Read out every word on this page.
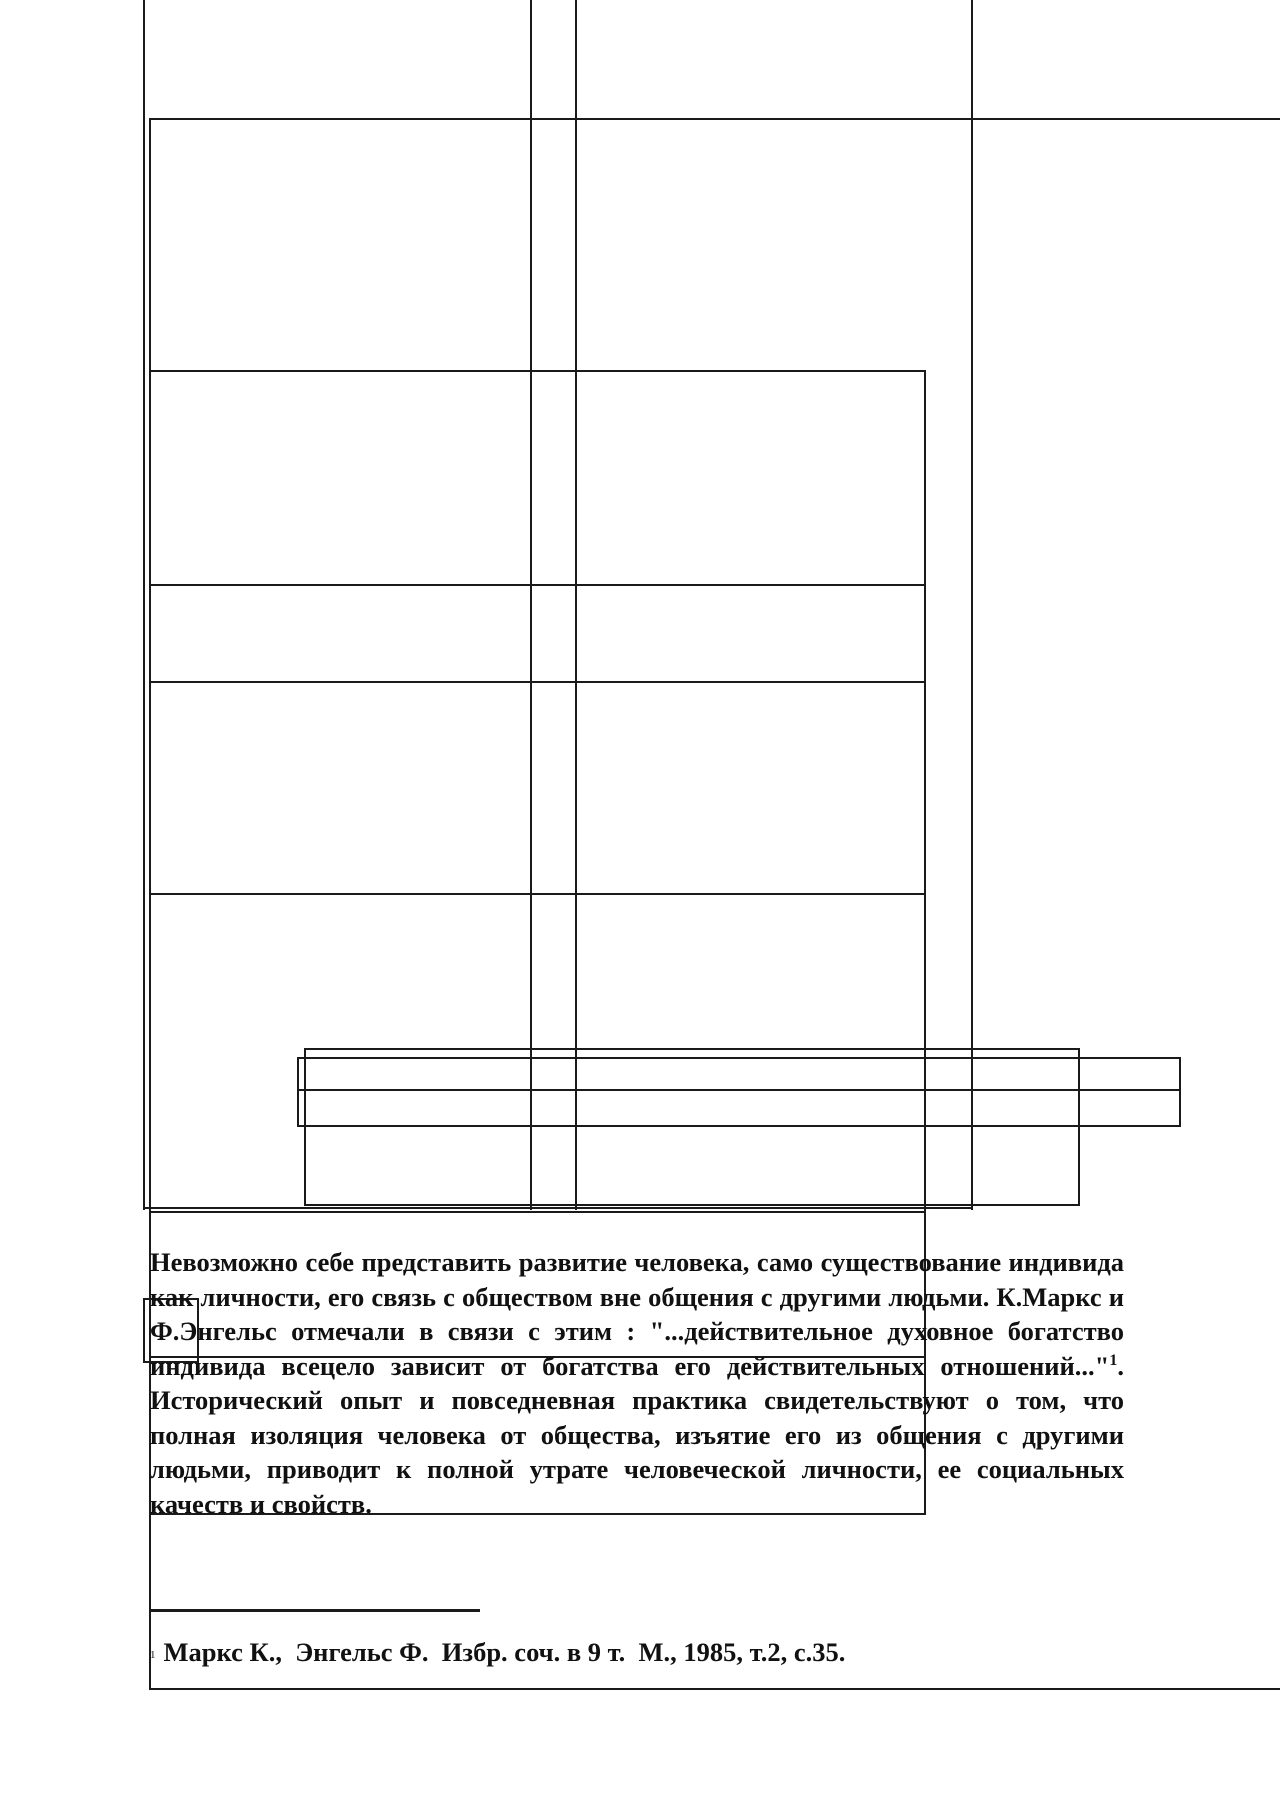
Невозможно себе представить развитие человека, само существование индивида как личности, его связь с обществом вне общения с другими людьми. К.Маркс и Ф.Энгельс отмечали в связи с этим : "...действительное духовное богатство индивида всецело зависит от богатства его действительных отношений..."$^1$. Исторический опыт и повседневная практика свидетельствуют о том, что полная изоляция человека от общества, изъятие его из общения с другими людьми, приводит к полной утрате человеческой личности, ее социальных качеств и свойств.

1 Маркс К.,  Энгельс Ф.  Избр. соч. в 9 т.  М., 1985, т.2, с.35.
